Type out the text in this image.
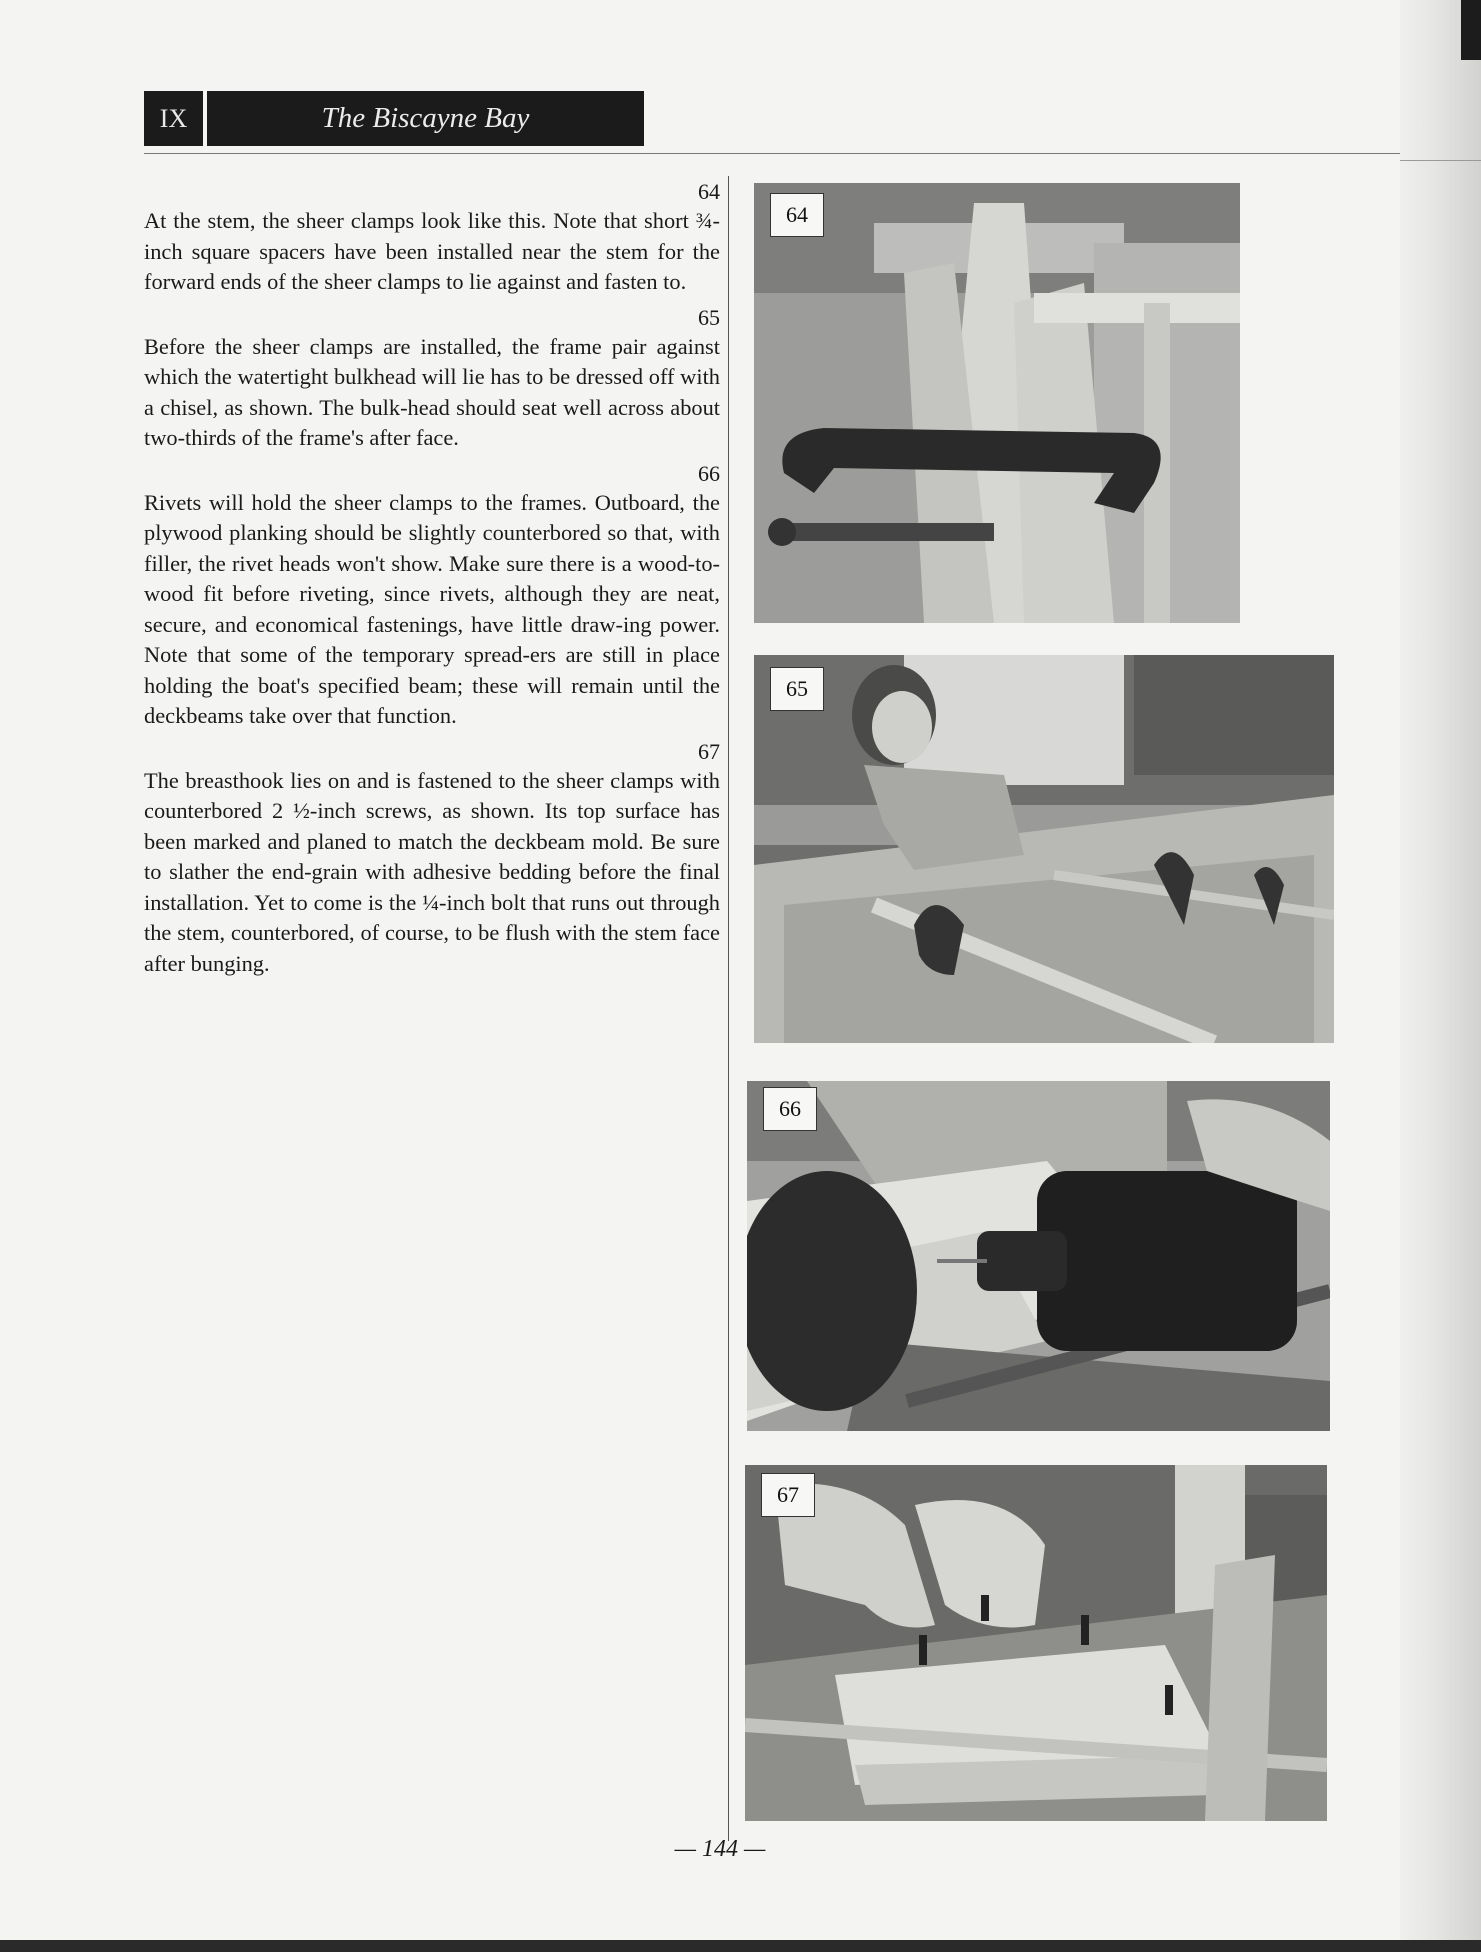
IX	The Biscayne Bay
64

At the stem, the sheer clamps look like this. Note that short ¾-inch square spacers have been installed near the stem for the forward ends of the sheer clamps to lie against and fasten to.

65

Before the sheer clamps are installed, the frame pair against which the watertight bulkhead will lie has to be dressed off with a chisel, as shown. The bulk-head should seat well across about two-thirds of the frame's after face.

66

Rivets will hold the sheer clamps to the frames. Outboard, the plywood planking should be slightly counterbored so that, with filler, the rivet heads won't show. Make sure there is a wood-to-wood fit before riveting, since rivets, although they are neat, secure, and economical fastenings, have little draw-ing power. Note that some of the temporary spread-ers are still in place holding the boat's specified beam; these will remain until the deckbeams take over that function.

67

The breasthook lies on and is fastened to the sheer clamps with counterbored 2 ½-inch screws, as shown. Its top surface has been marked and planed to match the deckbeam mold. Be sure to slather the end-grain with adhesive bedding before the final installation. Yet to come is the ¼-inch bolt that runs out through the stem, counterbored, of course, to be flush with the stem face after bunging.

64
65
66
67
— 144 —
